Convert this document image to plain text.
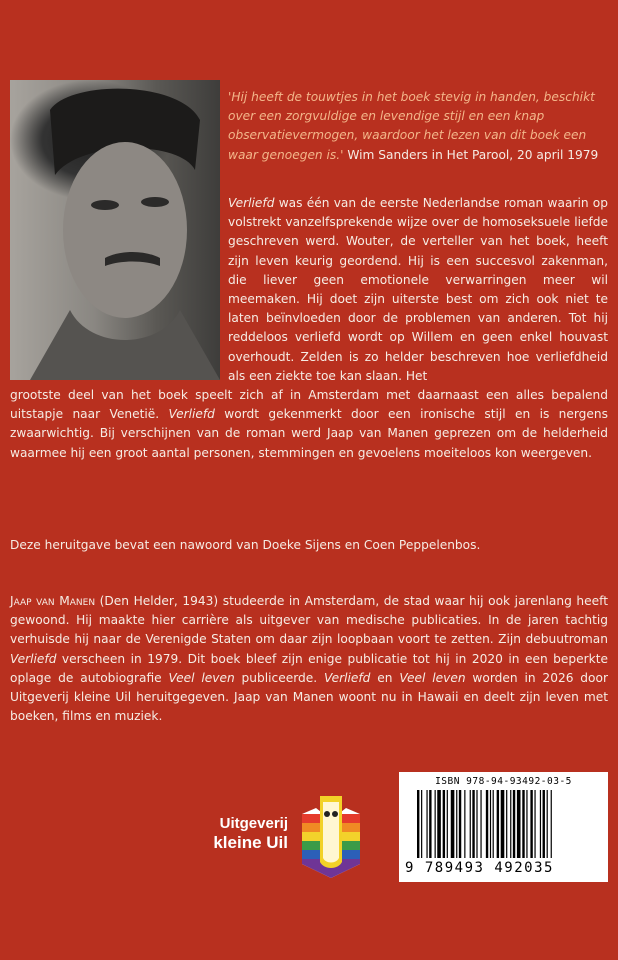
'Hij heeft de touwtjes in het boek stevig in handen, beschikt over een zorgvuldige en levendige stijl en een knap observatievermogen, waardoor het lezen van dit boek een waar genoegen is.' Wim Sanders in Het Parool, 20 april 1979
Verliefd was één van de eerste Nederlandse roman waarin op volstrekt vanzelfsprekende wijze over de homoseksuele liefde geschreven werd. Wouter, de verteller van het boek, heeft zijn leven keurig geordend. Hij is een succesvol zakenman, die liever geen emotionele verwarringen meer wil meemaken. Hij doet zijn uiterste best om zich ook niet te laten beïnvloeden door de problemen van anderen. Tot hij reddeloos verliefd wordt op Willem en geen enkel houvast overhoudt. Zelden is zo helder beschreven hoe verliefdheid als een ziekte toe kan slaan. Het
grootste deel van het boek speelt zich af in Amsterdam met daarnaast een alles bepalend uitstapje naar Venetië. Verliefd wordt gekenmerkt door een ironische stijl en is nergens zwaarwichtig. Bij verschijnen van de roman werd Jaap van Manen geprezen om de helderheid waarmee hij een groot aantal personen, stemmingen en gevoelens moeiteloos kon weergeven.
Deze heruitgave bevat een nawoord van Doeke Sijens en Coen Peppelenbos.
Jaap van Manen (Den Helder, 1943) studeerde in Amsterdam, de stad waar hij ook jarenlang heeft gewoond. Hij maakte hier carrière als uitgever van medische publicaties. In de jaren tachtig verhuisde hij naar de Verenigde Staten om daar zijn loopbaan voort te zetten. Zijn debuutroman Verliefd verscheen in 1979. Dit boek bleef zijn enige publicatie tot hij in 2020 in een beperkte oplage de autobiografie Veel leven publiceerde. Verliefd en Veel leven worden in 2026 door Uitgeverij kleine Uil heruitgegeven. Jaap van Manen woont nu in Hawaii en deelt zijn leven met boeken, films en muziek.
Uitgeverij
kleine Uil
ISBN 978-94-93492-03-5
9 789493 492035
